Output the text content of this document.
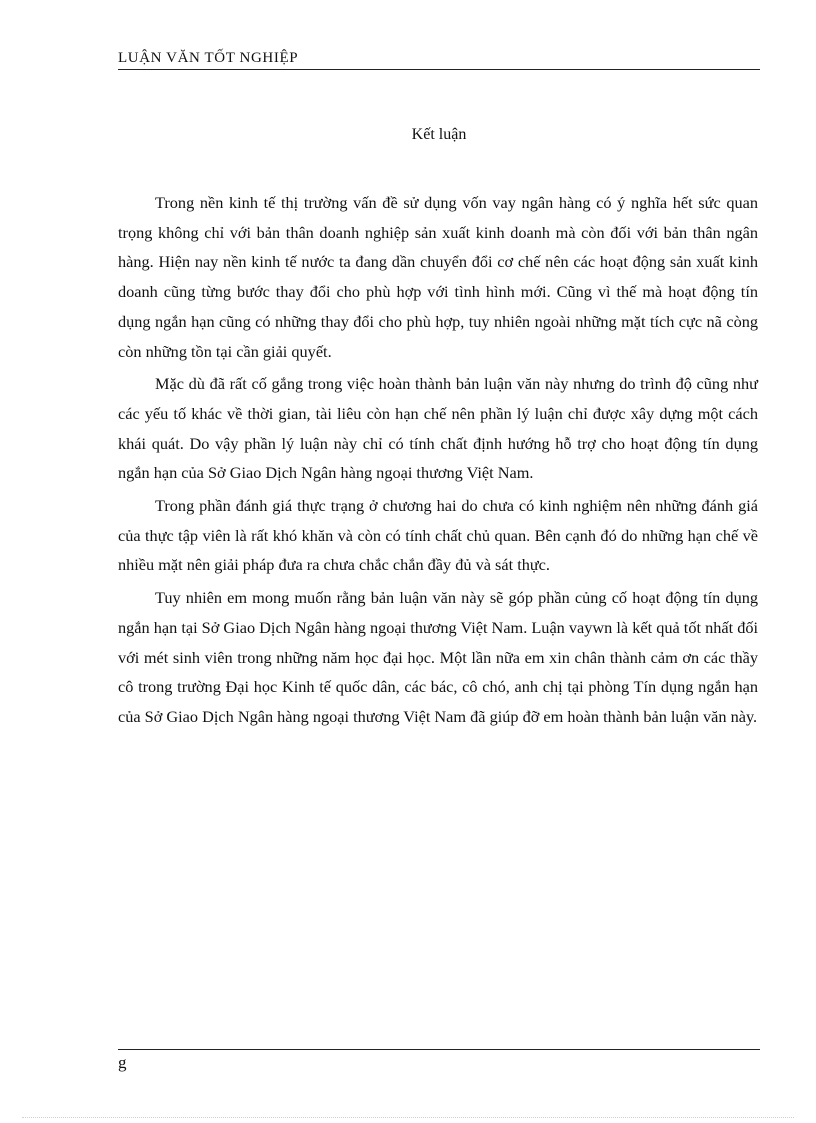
LUẬN VĂN TỐT NGHIỆP
Kết luận

Trong nền kinh tế thị trường vấn đề sử dụng vốn vay ngân hàng có ý nghĩa hết sức quan trọng không chỉ với bản thân doanh nghiệp sản xuất kinh doanh mà còn đối với bản thân ngân hàng. Hiện nay nền kinh tế nước ta đang dần chuyển đổi cơ chế nên các hoạt động sản xuất kinh doanh cũng từng bước thay đổi cho phù hợp với tình hình mới. Cũng vì thế mà hoạt động tín dụng ngắn hạn cũng có những thay đổi cho phù hợp, tuy nhiên ngoài những mặt tích cực nã còng còn những tồn tại cần giải quyết.

Mặc dù đã rất cố gắng trong việc hoàn thành bản luận văn này nhưng do trình độ cũng như các yếu tố khác về thời gian, tài liêu còn hạn chế nên phần lý luận chỉ được xây dựng một cách khái quát. Do vậy phần lý luận này chỉ có tính chất định hướng hỗ trợ cho hoạt động tín dụng ngắn hạn của Sở Giao Dịch Ngân hàng ngoại thương Việt Nam.

Trong phần đánh giá thực trạng ở chương hai do chưa có kinh nghiệm nên những đánh giá của thực tập viên là rất khó khăn và còn có tính chất chủ quan. Bên cạnh đó do những hạn chế về nhiều mặt nên giải pháp đưa ra chưa chắc chắn đầy đủ và sát thực.

Tuy nhiên em mong muốn rằng bản luận văn này sẽ góp phần củng cố hoạt động tín dụng ngắn hạn tại Sở Giao Dịch Ngân hàng ngoại thương Việt Nam. Luận vaywn là kết quả tốt nhất đối với mét sinh viên trong những năm học đại học. Một lần nữa em xin chân thành cảm ơn các thầy cô trong trường Đại học Kinh tế quốc dân, các bác, cô chó, anh chị tại phòng Tín dụng ngắn hạn của Sở Giao Dịch Ngân hàng ngoại thương Việt Nam đã giúp đỡ em hoàn thành bản luận văn này.

g
